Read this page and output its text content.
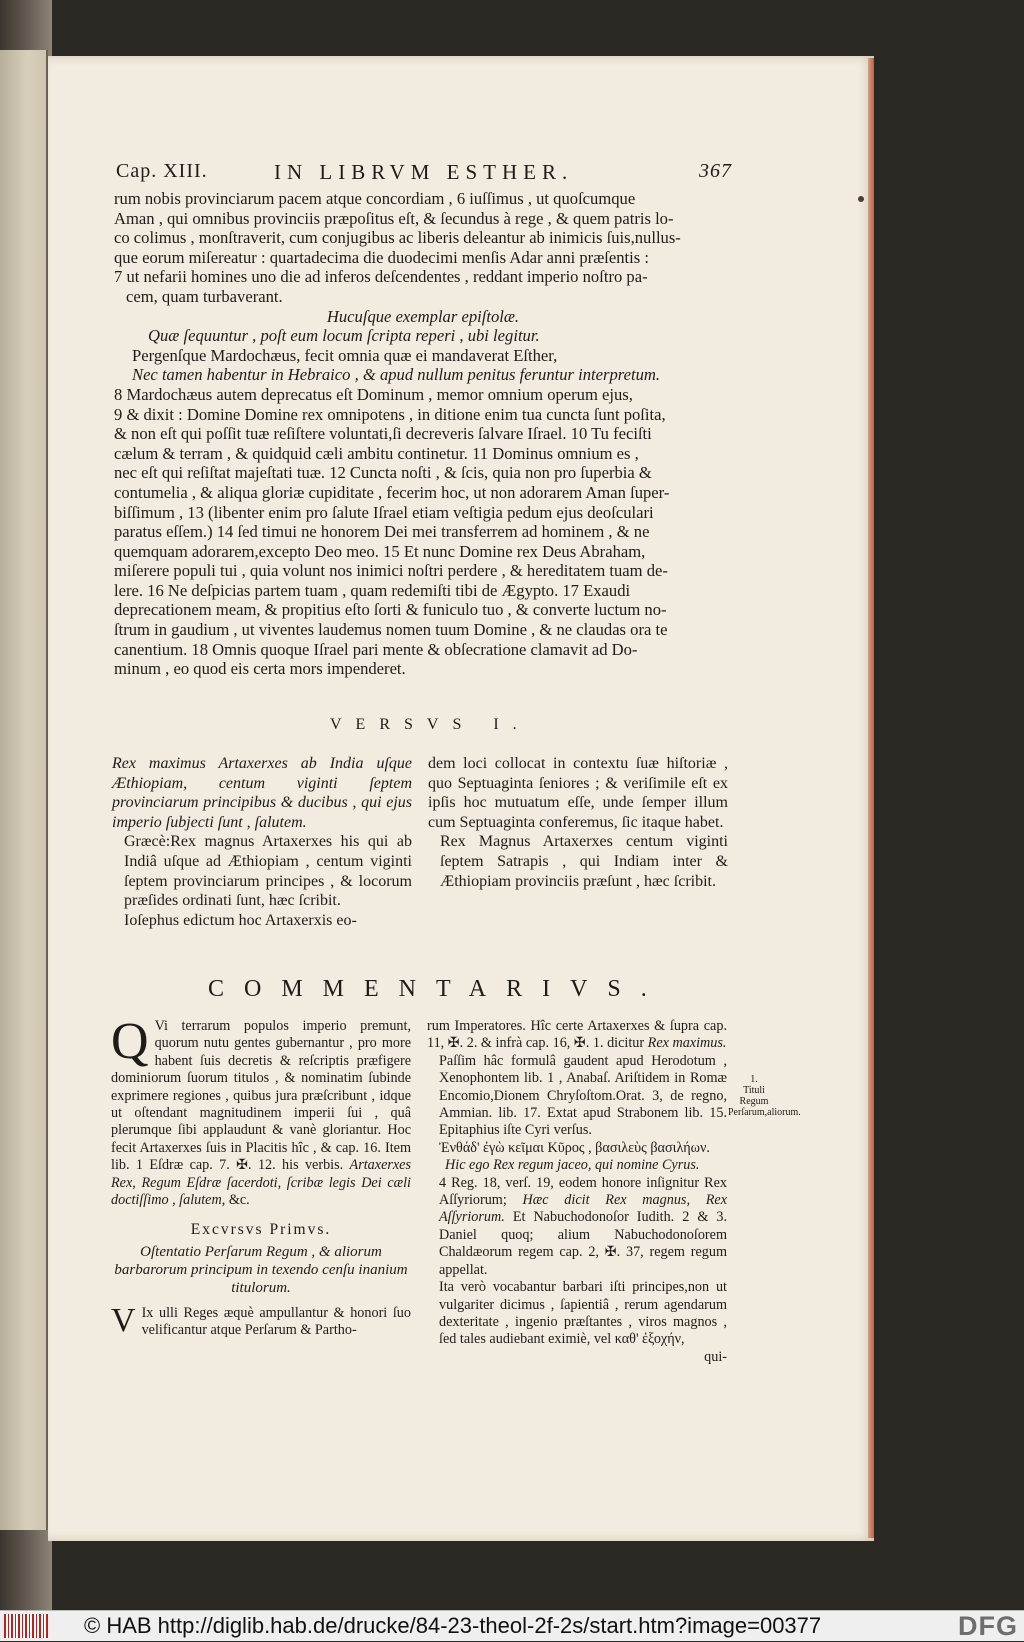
Cap. XIII.	IN LIBRVM ESTHER.	367

rum nobis provinciarum pacem atque concordiam , 6 iuſſimus , ut quoſcumque

Aman , qui omnibus provinciis præpoſitus eſt, & ſecundus à rege , & quem patris lo-

co colimus , monſtraverit, cum conjugibus ac liberis deleantur ab inimicis ſuis,nullus-

que eorum miſereatur : quartadecima die duodecimi menſis Adar anni præſentis :

7 ut nefarii homines uno die ad inferos deſcendentes , reddant imperio noſtro pa-

cem, quam turbaverant.

Hucuſque exemplar epiſtolæ.

Quæ ſequuntur , poſt eum locum ſcripta reperi , ubi legitur.

Pergenſque Mardochæus, fecit omnia quæ ei mandaverat Eſther,

Nec tamen habentur in Hebraico , & apud nullum penitus feruntur interpretum.

8 Mardochæus autem deprecatus eſt Dominum , memor omnium operum ejus,

9 & dixit : Domine Domine rex omnipotens , in ditione enim tua cuncta ſunt poſita,

& non eſt qui poſſit tuæ reſiſtere voluntati,ſi decreveris ſalvare Iſrael. 10 Tu feciſti

cælum & terram , & quidquid cæli ambitu continetur. 11 Dominus omnium es ,

nec eſt qui reſiſtat majeſtati tuæ. 12 Cuncta noſti , & ſcis, quia non pro ſuperbia &

contumelia , & aliqua gloriæ cupiditate , fecerim hoc, ut non adorarem Aman ſuper-

biſſimum , 13 (libenter enim pro ſalute Iſrael etiam veſtigia pedum ejus deoſculari

paratus eſſem.) 14 ſed timui ne honorem Dei mei transferrem ad hominem , & ne

quemquam adorarem,excepto Deo meo. 15 Et nunc Domine rex Deus Abraham,

miſerere populi tui , quia volunt nos inimici noſtri perdere , & hereditatem tuam de-

lere. 16 Ne deſpicias partem tuam , quam redemiſti tibi de Ægypto. 17 Exaudi

deprecationem meam, & propitius eſto ſorti & funiculo tuo , & converte luctum no-

ſtrum in gaudium , ut viventes laudemus nomen tuum Domine , & ne claudas ora te

canentium. 18 Omnis quoque Iſrael pari mente & obſecratione clamavit ad Do-

minum , eo quod eis certa mors impenderet.

VERSVS I.

Rex maximus Artaxerxes ab India uſque Æthiopiam, centum viginti ſeptem provinciarum principibus & ducibus , qui ejus imperio ſubjecti ſunt , ſalutem.

Græcè:Rex magnus Artaxerxes his qui ab Indiâ uſque ad Æthiopiam , centum viginti ſeptem provinciarum principes , & locorum præſides ordinati ſunt, hæc ſcribit.

Ioſephus edictum hoc Artaxerxis eo-

dem loci collocat in contextu ſuæ hiſtoriæ , quo Septuaginta ſeniores ; & veriſimile eſt ex ipſis hoc mutuatum eſſe, unde ſemper illum cum Septuaginta conferemus, ſic itaque habet.

Rex Magnus Artaxerxes centum viginti ſeptem Satrapis , qui Indiam inter & Æthiopiam provinciis præſunt , hæc ſcribit.

COMMENTARIVS.

Q Vi terrarum populos imperio premunt, quorum nutu gentes gubernantur , pro more habent ſuis decretis & reſcriptis præfigere dominiorum ſuorum titulos , & nominatim ſubinde exprimere regiones , quibus jura præſcribunt , idque ut oſtendant magnitudinem imperii ſui , quâ plerumque ſibi applaudunt & vanè gloriantur. Hoc fecit Artaxerxes ſuis in Placitis hîc , & cap. 16. Item lib. 1 Eſdræ cap. 7. ✠. 12. his verbis. Artaxerxes Rex, Regum Eſdræ ſacerdoti, ſcribæ legis Dei cæli doctiſſimo , ſalutem, &c.

Excvrsvs Primvs.

Oſtentatio Perſarum Regum , & aliorum barbarorum principum in texendo cenſu inanium titulorum.

V Ix ulli Reges æquè ampullantur & honori ſuo velificantur atque Perſarum & Partho-

rum Imperatores. Hîc certe Artaxerxes & ſupra cap. 11, ✠. 2. & infrà cap. 16, ✠. 1. dicitur Rex maximus.

Paſſim hâc formulâ gaudent apud Herodotum , Xenophontem lib. 1 , Anabaſ. Ariſtidem in Romæ Encomio,Dionem Chryſoſtom.Orat. 3, de regno, Ammian. lib. 17. Extat apud Strabonem lib. 15. Epitaphius iſte Cyri verſus.

Ἐνθάδ' ἐγὼ κεῖμαι Κῦρος , βασιλεὺς βασιλήων.

Hic ego Rex regum jaceo, qui nomine Cyrus.

4 Reg. 18, verſ. 19, eodem honore inſignitur Rex Aſſyriorum; Hæc dicit Rex magnus, Rex Aſſyriorum. Et Nabuchodonoſor Iudith. 2 & 3. Daniel quoq; alium Nabuchodonoſorem Chaldæorum regem cap. 2, ✠. 37, regem regum appellat.

Ita verò vocabantur barbari iſti principes,non ut vulgariter dicimus , ſapientiâ , rerum agendarum dexteritate , ingenio præſtantes , viros magnos , ſed tales audiebant eximiè, vel καθ' ἐξοχήν,

qui-

1.
Tituli Regum Perſarum,aliorum.
© HAB http://diglib.hab.de/drucke/84-23-theol-2f-2s/start.htm?image=00377	DFG
